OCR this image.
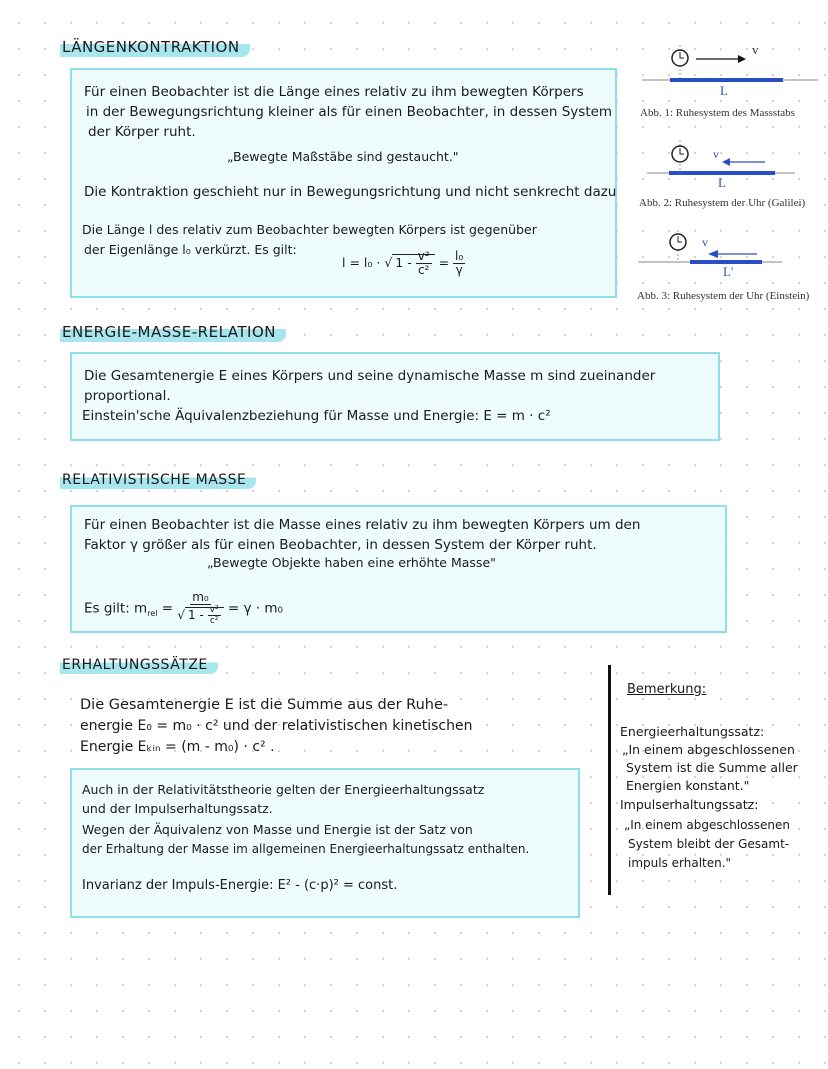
LÄNGENKONTRAKTION
Für einen Beobachter ist die Länge eines relativ zu ihm bewegten Körpers
in der Bewegungsrichtung kleiner als für einen Beobachter, in dessen System
der Körper ruht.
„Bewegte Maßstäbe sind gestaucht."
Die Kontraktion geschieht nur in Bewegungsrichtung und nicht senkrecht dazu
Die Länge l des relativ zum Beobachter bewegten Körpers ist gegenüber
der Eigenlänge l₀ verkürzt. Es gilt:
l = l₀ · √ $1 - \frac{\text{v²}}{\text{c²}} = \frac{\text{l₀}}{\gamma}$
v
L
Abb. 1: Ruhesystem des Massstabs
v
L
Abb. 2: Ruhesystem der Uhr (Galilei)
v
L'
Abb. 3: Ruhesystem der Uhr (Einstein)
ENERGIE-MASSE-RELATION
Die Gesamtenergie E eines Körpers und seine dynamische Masse m sind zueinander
proportional.
Einstein'sche Äquivalenzbeziehung für Masse und Energie: E = m · c²
RELATIVISTISCHE MASSE
Für einen Beobachter ist die Masse eines relativ zu ihm bewegten Körpers um den
Faktor γ größer als für einen Beobachter, in dessen System der Körper ruht.
„Bewegte Objekte haben eine erhöhte Masse"
Es gilt: $m_{rel} = \frac{\text{m₀}}{√ 1 - \frac{\text{v²}}{\text{c²}}} = \gamma \cdot m_0$
ERHALTUNGSSÄTZE
Die Gesamtenergie E ist die Summe aus der Ruhe-
energie E₀ = m₀ · c² und der relativistischen kinetischen
Energie Eₖᵢₙ = (m - m₀) · c² .
Auch in der Relativitätstheorie gelten der Energieerhaltungssatz
und der Impulserhaltungssatz.
Wegen der Äquivalenz von Masse und Energie ist der Satz von
der Erhaltung der Masse im allgemeinen Energieerhaltungssatz enthalten.
Invarianz der Impuls-Energie: E² - (c·p)² = const.
Bemerkung:
Energieerhaltungssatz:
„In einem abgeschlossenen
System ist die Summe aller
Energien konstant."
Impulserhaltungssatz:
„In einem abgeschlossenen
System bleibt der Gesamt-
impuls erhalten."
